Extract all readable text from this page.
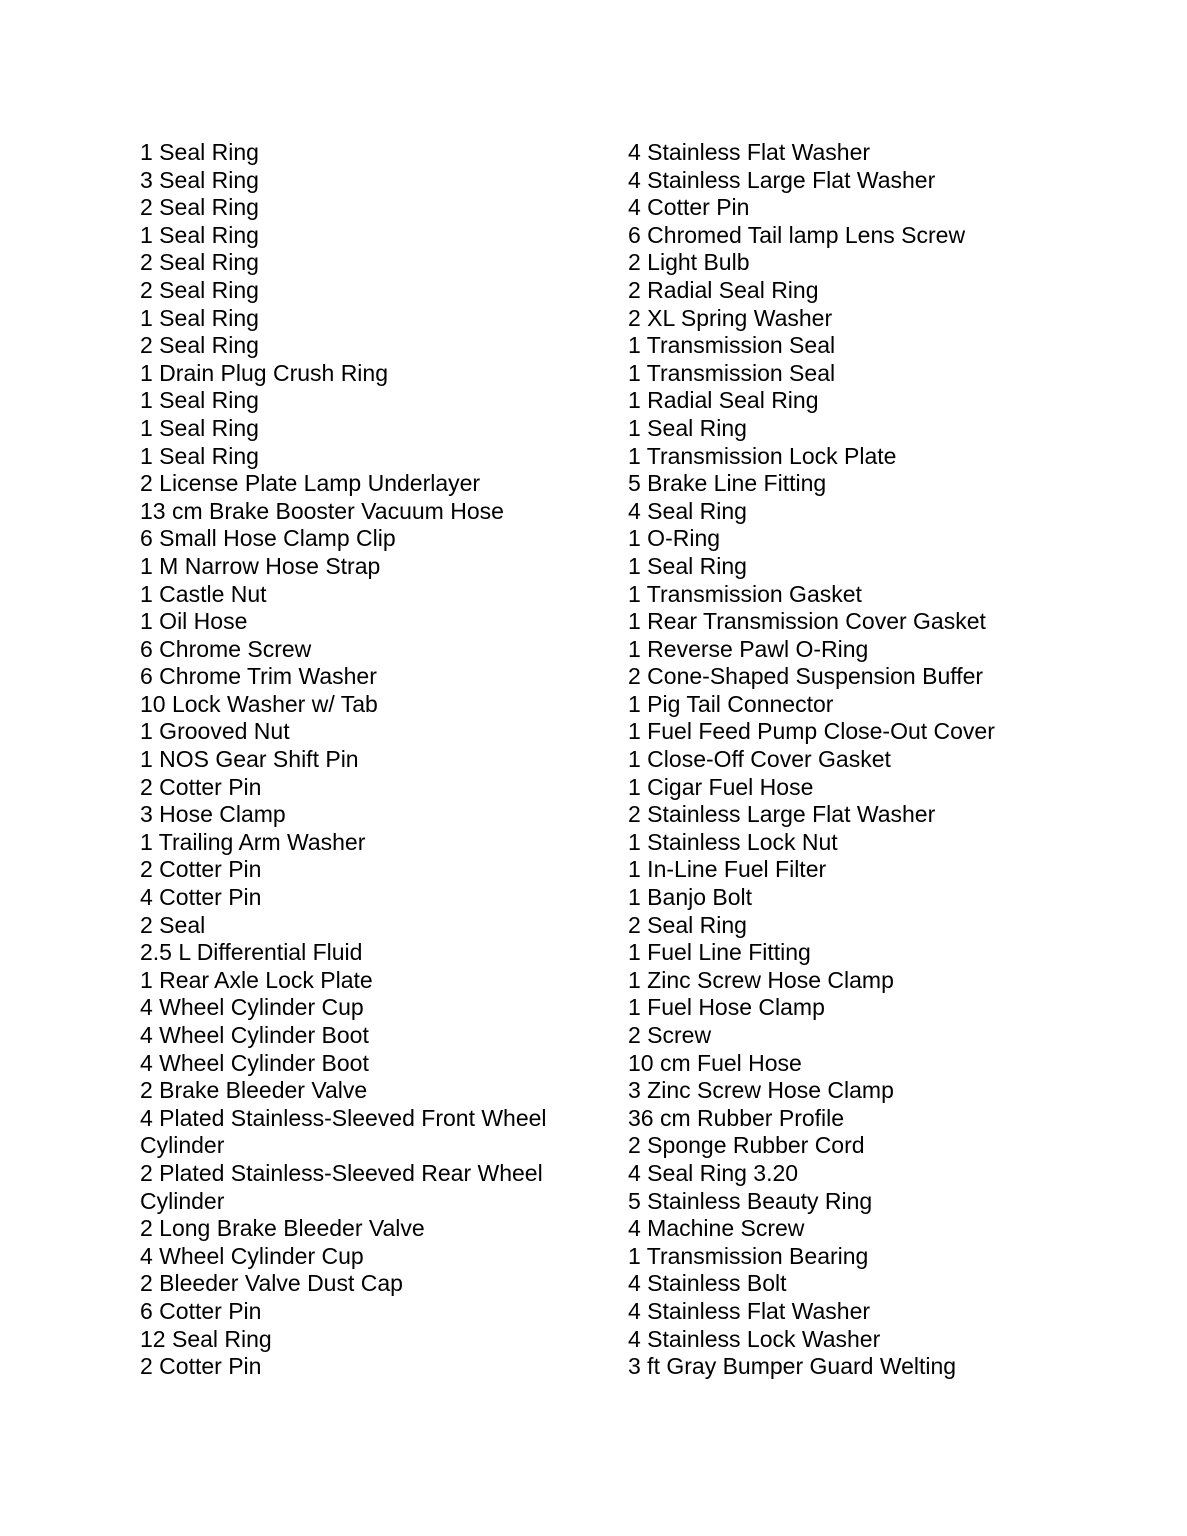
1 Seal Ring
3 Seal Ring
2 Seal Ring
1 Seal Ring
2 Seal Ring
2 Seal Ring
1 Seal Ring
2 Seal Ring
1 Drain Plug Crush Ring
1 Seal Ring
1 Seal Ring
1 Seal Ring
2 License Plate Lamp Underlayer
13 cm Brake Booster Vacuum Hose
6 Small Hose Clamp Clip
1 M Narrow Hose Strap
1 Castle Nut
1 Oil Hose
6 Chrome Screw
6 Chrome Trim Washer
10 Lock Washer w/ Tab
1 Grooved Nut
1 NOS Gear Shift Pin
2 Cotter Pin
3 Hose Clamp
1 Trailing Arm Washer
2 Cotter Pin
4 Cotter Pin
2 Seal
2.5 L Differential Fluid
1 Rear Axle Lock Plate
4 Wheel Cylinder Cup
4 Wheel Cylinder Boot
4 Wheel Cylinder Boot
2 Brake Bleeder Valve
4 Plated Stainless-Sleeved Front Wheel Cylinder
2 Plated Stainless-Sleeved Rear Wheel Cylinder
2 Long Brake Bleeder Valve
4 Wheel Cylinder Cup
2 Bleeder Valve Dust Cap
6 Cotter Pin
12 Seal Ring
2 Cotter Pin
4 Stainless Flat Washer
4 Stainless Large Flat Washer
4 Cotter Pin
6 Chromed Tail lamp Lens Screw
2 Light Bulb
2 Radial Seal Ring
2 XL Spring Washer
1 Transmission Seal
1 Transmission Seal
1 Radial Seal Ring
1 Seal Ring
1 Transmission Lock Plate
5 Brake Line Fitting
4 Seal Ring
1 O-Ring
1 Seal Ring
1 Transmission Gasket
1 Rear Transmission Cover Gasket
1 Reverse Pawl O-Ring
2 Cone-Shaped Suspension Buffer
1 Pig Tail Connector
1 Fuel Feed Pump Close-Out Cover
1 Close-Off Cover Gasket
1 Cigar Fuel Hose
2 Stainless Large Flat Washer
1 Stainless Lock Nut
1 In-Line Fuel Filter
1 Banjo Bolt
2 Seal Ring
1 Fuel Line Fitting
1 Zinc Screw Hose Clamp
1 Fuel Hose Clamp
2 Screw
10 cm Fuel Hose
3 Zinc Screw Hose Clamp
36 cm Rubber Profile
2 Sponge Rubber Cord
4 Seal Ring 3.20
5 Stainless Beauty Ring
4 Machine Screw
1 Transmission Bearing
4 Stainless Bolt
4 Stainless Flat Washer
4 Stainless Lock Washer
3 ft Gray Bumper Guard Welting
